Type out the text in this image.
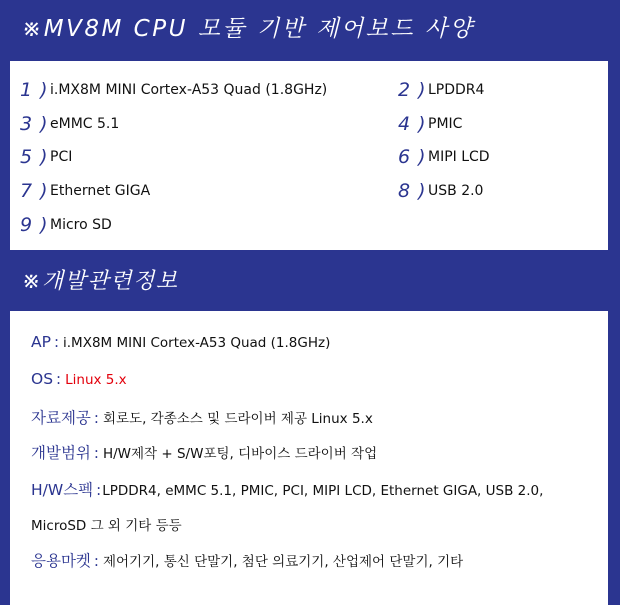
※MV8M CPU 모듈 기반 제어보드 사양
1 ) i.MX8M MINI Cortex-A53 Quad (1.8GHz)	2 ) LPDDR4
3 ) eMMC 5.1	4 ) PMIC
5 ) PCI	6 ) MIPI LCD
7 ) Ethernet GIGA	8 ) USB 2.0
9 ) Micro SD
※개발관련정보
AP : i.MX8M MINI Cortex-A53 Quad (1.8GHz)
OS : Linux 5.x
자료제공 : 회로도, 각종소스 및 드라이버 제공 Linux 5.x
개발범위 : H/W제작 + S/W포팅, 디바이스 드라이버 작업
H/W스펙 : LPDDR4, eMMC 5.1, PMIC, PCI, MIPI LCD, Ethernet GIGA, USB 2.0,
MicroSD 그 외 기타 등등
응용마켓 : 제어기기, 통신 단말기, 첨단 의료기기, 산업제어 단말기, 기타
